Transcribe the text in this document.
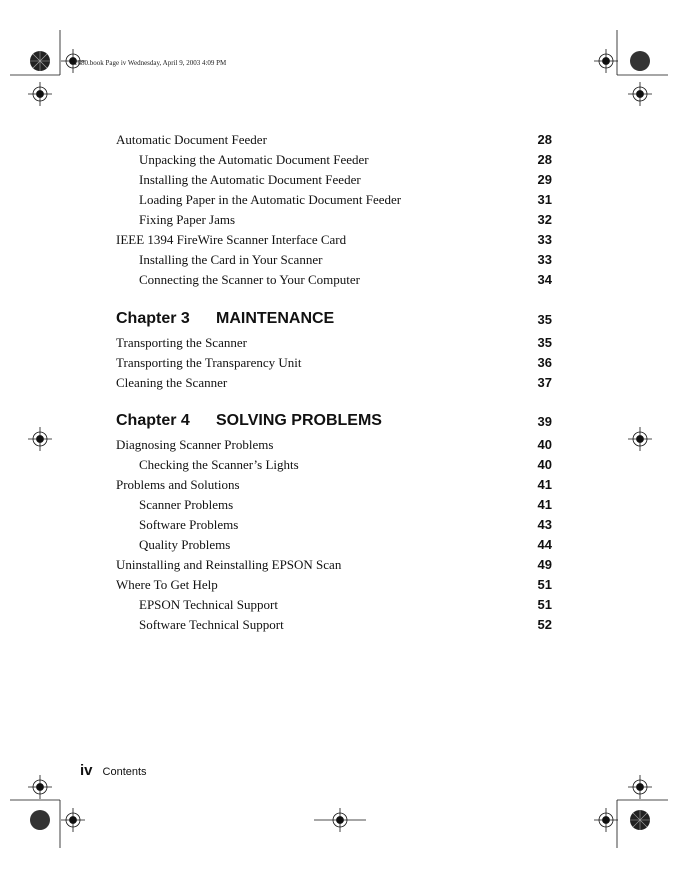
1680.book Page iv Wednesday, April 9, 2003 4:09 PM
Automatic Document Feeder	28
Unpacking the Automatic Document Feeder	28
Installing the Automatic Document Feeder	29
Loading Paper in the Automatic Document Feeder	31
Fixing Paper Jams	32
IEEE 1394 FireWire Scanner Interface Card	33
Installing the Card in Your Scanner	33
Connecting the Scanner to Your Computer	34
Chapter 3 MAINTENANCE	35
Transporting the Scanner	35
Transporting the Transparency Unit	36
Cleaning the Scanner	37
Chapter 4 SOLVING PROBLEMS	39
Diagnosing Scanner Problems	40
Checking the Scanner’s Lights	40
Problems and Solutions	41
Scanner Problems	41
Software Problems	43
Quality Problems	44
Uninstalling and Reinstalling EPSON Scan	49
Where To Get Help	51
EPSON Technical Support	51
Software Technical Support	52
iv Contents
